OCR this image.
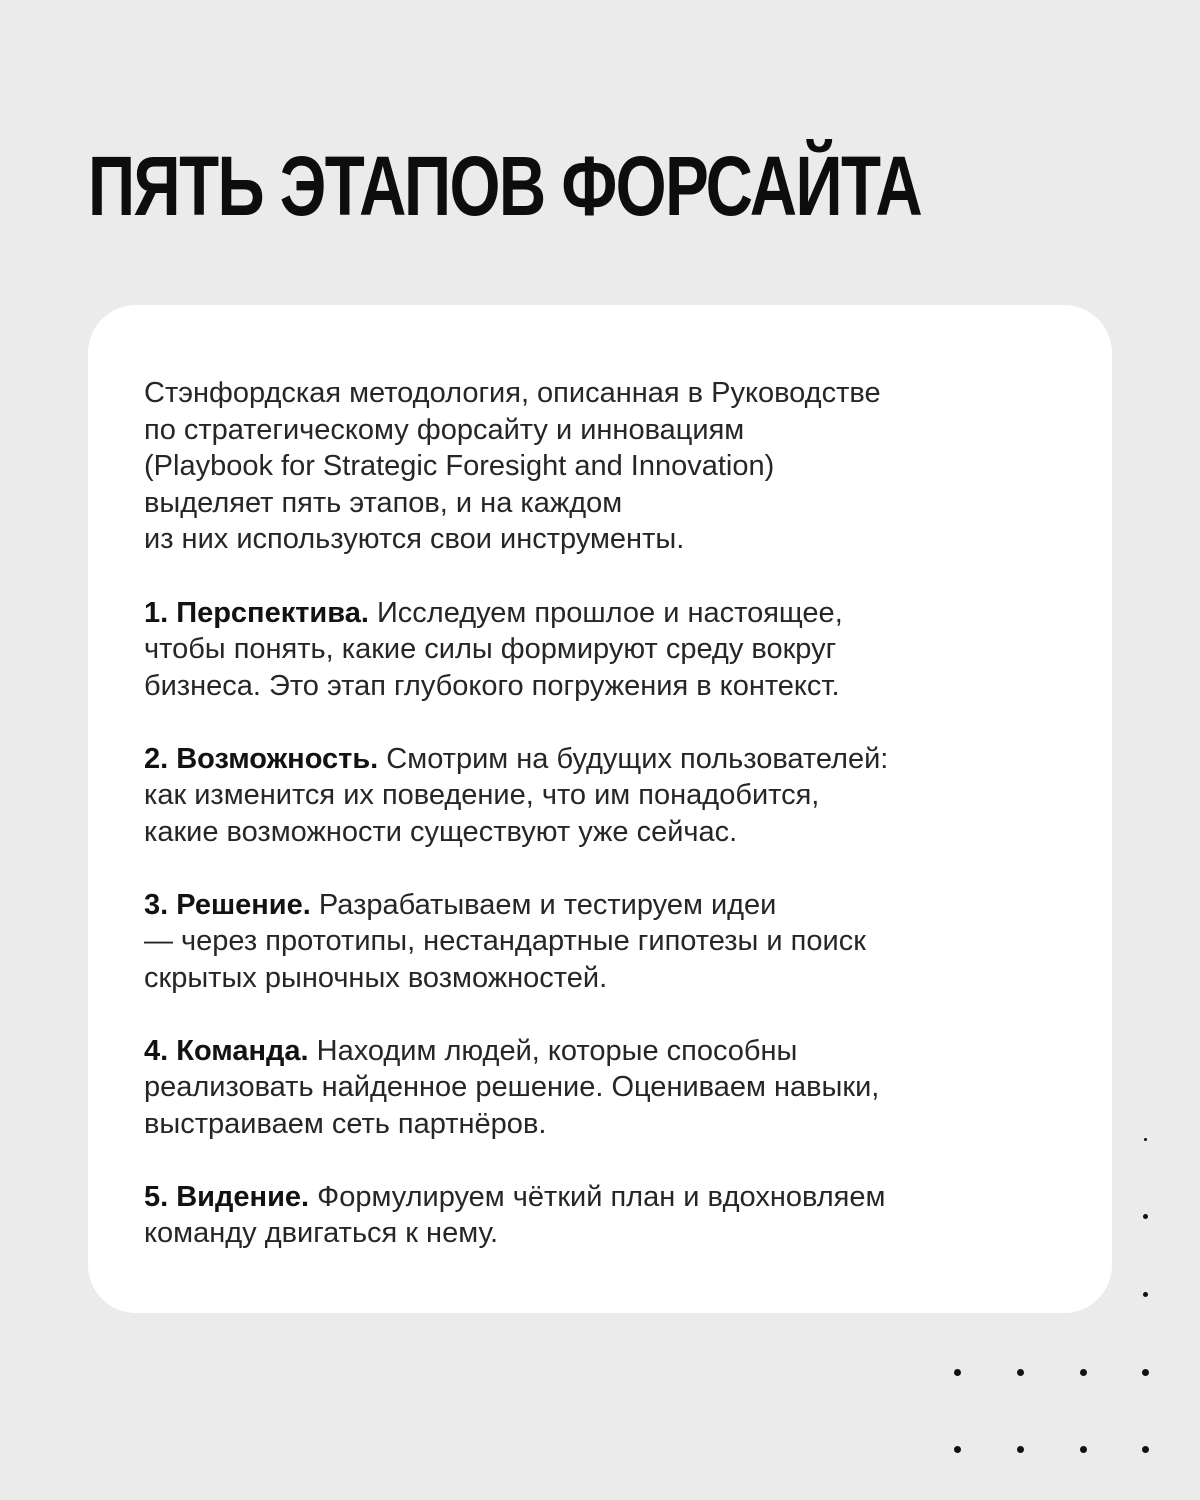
ПЯТЬ ЭТАПОВ ФОРСАЙТА

Стэнфордская методология, описанная в Руководстве
по стратегическому форсайту и инновациям
(Playbook for Strategic Foresight and Innovation)
выделяет пять этапов, и на каждом
из них используются свои инструменты.

1. Перспектива. Исследуем прошлое и настоящее,
чтобы понять, какие силы формируют среду вокруг
бизнеса. Это этап глубокого погружения в контекст.

2. Возможность. Смотрим на будущих пользователей:
как изменится их поведение, что им понадобится,
какие возможности существуют уже сейчас.

3. Решение. Разрабатываем и тестируем идеи
— через прототипы, нестандартные гипотезы и поиск
скрытых рыночных возможностей.

4. Команда. Находим людей, которые способны
реализовать найденное решение. Оцениваем навыки,
выстраиваем сеть партнёров.

5. Видение. Формулируем чёткий план и вдохновляем
команду двигаться к нему.
